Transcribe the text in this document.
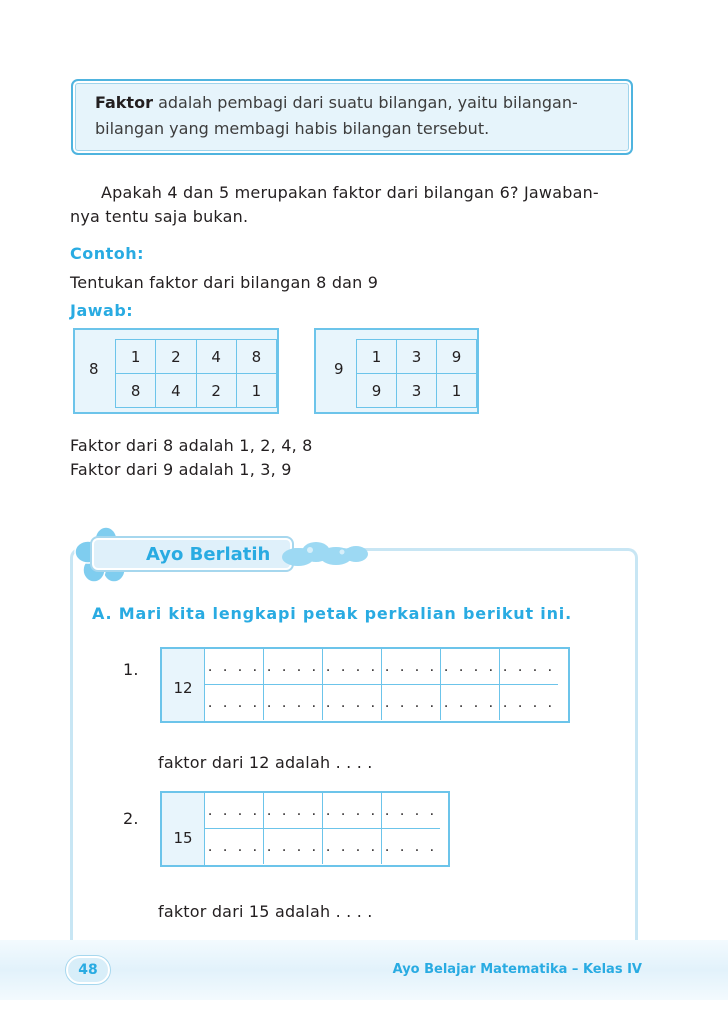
Faktor adalah pembagi dari suatu bilangan, yaitu bilangan-
bilangan yang membagi habis bilangan tersebut.
Apakah 4 dan 5 merupakan faktor dari bilangan 6? Jawaban-
nya tentu saja bukan.
Contoh:
Tentukan faktor dari bilangan 8 dan 9
Jawab:
8
1	2	4	8
8	4	2	1
9
1	3	9
9	3	1
Faktor dari 8 adalah 1, 2, 4, 8
Faktor dari 9 adalah 1, 3, 9
Ayo Berlatih
A. Mari kita lengkapi petak perkalian berikut ini.
1.
12
. . . .	. . . .	. . . .	. . . .	. . . .	. . . .
. . . .	. . . .	. . . .	. . . .	. . . .	. . . .
faktor dari 12 adalah . . . .
2.
15
. . . .	. . . .	. . . .	. . . .
. . . .	. . . .	. . . .	. . . .
faktor dari 15 adalah . . . .
48	Ayo Belajar Matematika – Kelas IV
